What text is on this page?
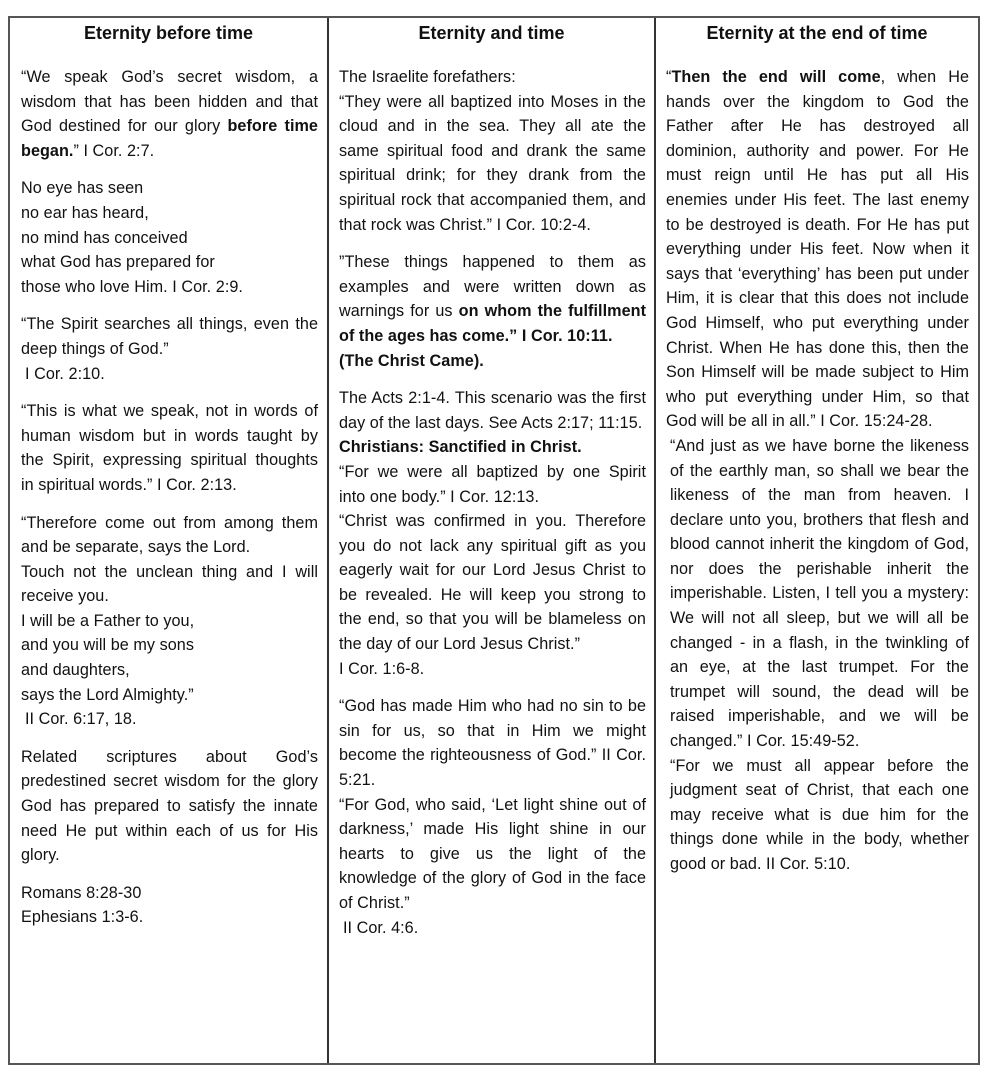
Eternity before time

“We speak God’s secret wisdom, a wisdom that has been hidden and that God destined for our glory before time began.” I Cor. 2:7.

No eye has seen
no ear has heard,
no mind has conceived
what God has prepared for
those who love Him. I Cor. 2:9.

“The Spirit searches all things, even the deep things of God.”

I Cor. 2:10.

“This is what we speak, not in words of human wisdom but in words taught by the Spirit, expressing spiritual thoughts in spiritual words.” I Cor. 2:13.

“Therefore come out from among them and be separate, says the Lord.

Touch not the unclean thing and I will receive you.

I will be a Father to you,
and you will be my sons
and daughters,
says the Lord Almighty.”

II Cor. 6:17, 18.

Related scriptures about God’s predestined secret wisdom for the glory God has prepared to satisfy the innate need He put within each of us for His glory.

Romans 8:28-30
Ephesians 1:3-6.
Eternity and time

The Israelite forefathers:

“They were all baptized into Moses in the cloud and in the sea. They all ate the same spiritual food and drank the same spiritual drink; for they drank from the spiritual rock that accompanied them, and that rock was Christ.” I Cor. 10:2-4.

”These things happened to them as examples and were written down as warnings for us on whom the fulfillment of the ages has come.” I Cor. 10:11.

(The Christ Came).

The Acts 2:1-4. This scenario was the first day of the last days. See Acts 2:17; 11:15.

Christians: Sanctified in Christ.

“For we were all baptized by one Spirit into one body.” I Cor. 12:13.

“Christ was confirmed in you. Therefore you do not lack any spiritual gift as you eagerly wait for our Lord Jesus Christ to be revealed. He will keep you strong to the end, so that you will be blameless on the day of our Lord Jesus Christ.”

I Cor. 1:6-8.

“God has made Him who had no sin to be sin for us, so that in Him we might become the righteousness of God.” II Cor. 5:21.

“For God, who said, ‘Let light shine out of darkness,’ made His light shine in our hearts to give us the light of the knowledge of the glory of God in the face of Christ.”

II Cor. 4:6.

Eternity at the end of time

“Then the end will come, when He hands over the kingdom to God the Father after He has destroyed all dominion, authority and power. For He must reign until He has put all His enemies under His feet. The last enemy to be destroyed is death. For He has put everything under His feet. Now when it says that ‘everything’ has been put under Him, it is clear that this does not include God Himself, who put everything under Christ. When He has done this, then the Son Himself will be made subject to Him who put everything under Him, so that God will be all in all.” I Cor. 15:24-28.

“And just as we have borne the likeness of the earthly man, so shall we bear the likeness of the man from heaven. I declare unto you, brothers that flesh and blood cannot inherit the kingdom of God, nor does the perishable inherit the imperishable. Listen, I tell you a mystery: We will not all sleep, but we will all be changed - in a flash, in the twinkling of an eye, at the last trumpet. For the trumpet will sound, the dead will be raised imperishable, and we will be changed.” I Cor. 15:49-52.

“For we must all appear before the judgment seat of Christ, that each one may receive what is due him for the things done while in the body, whether good or bad. II Cor. 5:10.
